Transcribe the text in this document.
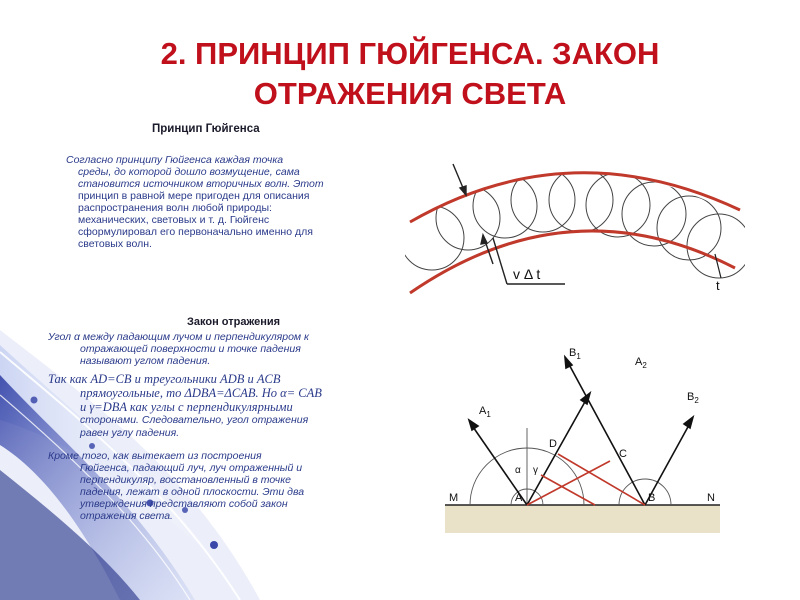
2. ПРИНЦИП ГЮЙГЕНСА. ЗАКОН
ОТРАЖЕНИЯ СВЕТА
Принцип Гюйгенса
Согласно принципу Гюйгенса каждая точка
среды, до которой дошло возмущение, сама
становится источником вторичных волн. Этот
принцип в равной мере пригоден для описания
распространения волн любой природы:
механических, световых и т. д. Гюйгенс
сформулировал его первоначально именно для
световых волн.
Закон отражения
Угол α между падающим лучом и перпендикуляром к
отражающей поверхности и точке падения
называют углом падения.
Так как AD=CB и треугольники ADB и ACB
прямоугольные, то ΔDBA=ΔCAB. Но α= CAB
и γ=DBA как углы с перпендикулярными
сторонами. Следовательно, угол отражения
равен углу падения.
Кроме того, как вытекает из построения
Гюйгенса, падающий луч, луч отраженный и
перпендикуляр, восстановленный в точке
падения, лежат в одной плоскости. Эти два
утверждения представляют собой закон
отражения света.
v Δ t
t
$A_1$
$B_1$	$A_2$
$B_2$
D
C
α γ
M	A	B	N
